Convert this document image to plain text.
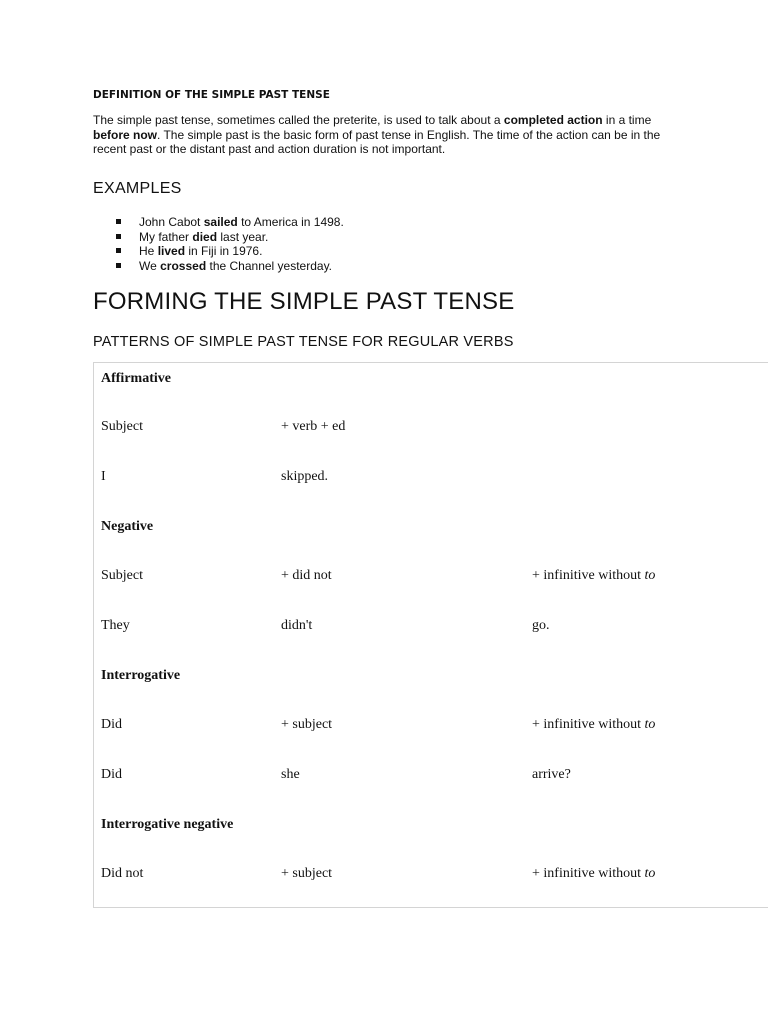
DEFINITION OF THE SIMPLE PAST TENSE

The simple past tense, sometimes called the preterite, is used to talk about a completed action in a time before now. The simple past is the basic form of past tense in English. The time of the action can be in the recent past or the distant past and action duration is not important.

EXAMPLES
John Cabot sailed to America in 1498.
My father died last year.
He lived in Fiji in 1976.
We crossed the Channel yesterday.
FORMING THE SIMPLE PAST TENSE
PATTERNS OF SIMPLE PAST TENSE FOR REGULAR VERBS
Affirmative
Subject	+ verb + ed
I	skipped.
Negative
Subject	+ did not	+ infinitive without to
They	didn't	go.
Interrogative
Did	+ subject	+ infinitive without to
Did	she	arrive?
Interrogative negative
Did not	+ subject	+ infinitive without to
